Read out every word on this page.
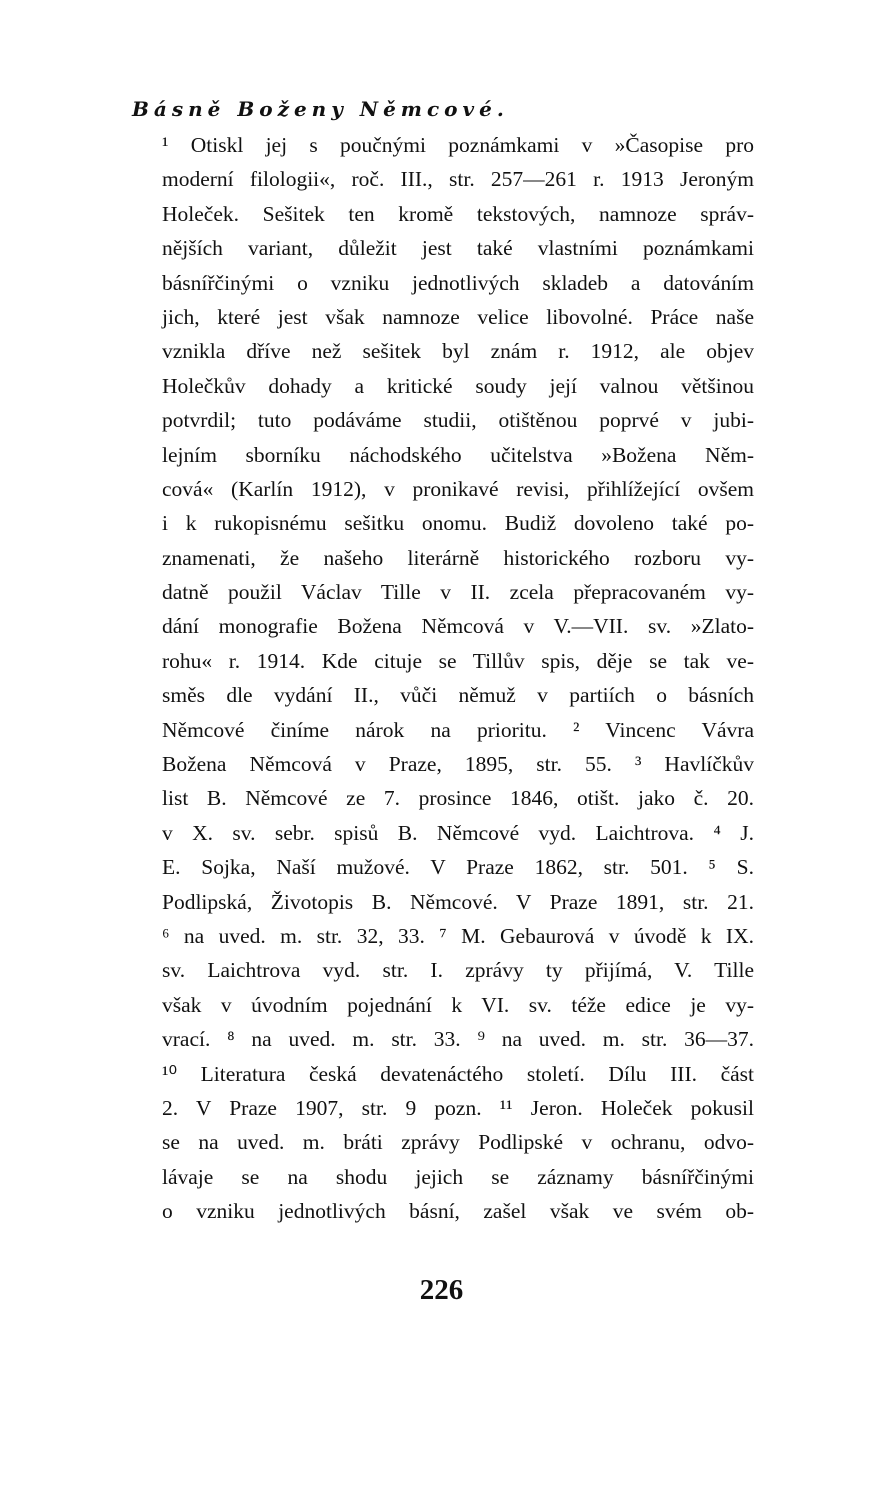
Básně Boženy Němcové.
¹ Otiskl jej s poučnými poznámkami v »Časopise pro
moderní filologii«, roč. III., str. 257—261 r. 1913 Jeroným
Holeček. Sešitek ten kromě tekstových, namnoze správ-
nějších variant, důležit jest také vlastními poznámkami
básnířčinými o vzniku jednotlivých skladeb a datováním
jich, které jest však namnoze velice libovolné. Práce naše
vznikla dříve než sešitek byl znám r. 1912, ale objev
Holečkův dohady a kritické soudy její valnou většinou
potvrdil; tuto podáváme studii, otištěnou poprvé v jubi-
lejním sborníku náchodského učitelstva »Božena Něm-
cová« (Karlín 1912), v pronikavé revisi, přihlížející ovšem
i k rukopisnému sešitku onomu. Budiž dovoleno také po-
znamenati, že našeho literárně historického rozboru vy-
datně použil Václav Tille v II. zcela přepracovaném vy-
dání monografie Božena Němcová v V.—VII. sv. »Zlato-
rohu« r. 1914. Kde cituje se Tillův spis, děje se tak ve-
směs dle vydání II., vůči němuž v partiích o básních
Němcové činíme nárok na prioritu. ² Vincenc Vávra
Božena Němcová v Praze, 1895, str. 55. ³ Havlíčkův
list B. Němcové ze 7. prosince 1846, otišt. jako č. 20.
v X. sv. sebr. spisů B. Němcové vyd. Laichtrova. ⁴ J.
E. Sojka, Naší mužové. V Praze 1862, str. 501. ⁵ S.
Podlipská, Životopis B. Němcové. V Praze 1891, str. 21.
⁶ na uved. m. str. 32, 33. ⁷ M. Gebaurová v úvodě k IX.
sv. Laichtrova vyd. str. I. zprávy ty přijímá, V. Tille
však v úvodním pojednání k VI. sv. téže edice je vy-
vrací. ⁸ na uved. m. str. 33. ⁹ na uved. m. str. 36—37.
¹⁰ Literatura česká devatenáctého století. Dílu III. část
2. V Praze 1907, str. 9 pozn. ¹¹ Jeron. Holeček pokusil
se na uved. m. bráti zprávy Podlipské v ochranu, odvo-
lávaje se na shodu jejich se záznamy básnířčinými
o vzniku jednotlivých básní, zašel však ve svém ob-
226
